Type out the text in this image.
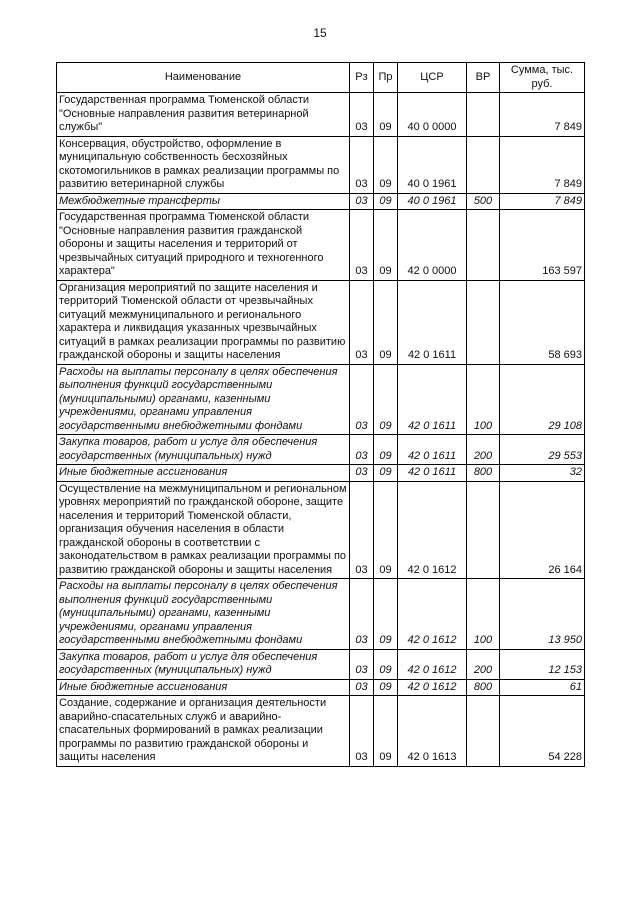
15
Наименование	Рз	Пр	ЦСР	ВР	Сумма, тыс. руб.
Государственная программа Тюменской области "Основные направления развития ветеринарной службы"	03	09	40 0 0000		7 849
Консервация, обустройство, оформление в муниципальную собственность бесхозяйных скотомогильников в рамках реализации программы по развитию ветеринарной службы	03	09	40 0 1961		7 849
Межбюджетные трансферты	03	09	40 0 1961	500	7 849
Государственная программа Тюменской области "Основные направления развития гражданской обороны и защиты населения и территорий от чрезвычайных ситуаций природного и техногенного характера"	03	09	42 0 0000		163 597
Организация мероприятий по защите населения и территорий Тюменской области от чрезвычайных ситуаций межмуниципального и регионального характера и ликвидация указанных чрезвычайных ситуаций в рамках реализации программы по развитию гражданской обороны и защиты населения	03	09	42 0 1611		58 693
Расходы на выплаты персоналу в целях обеспечения выполнения функций государственными (муниципальными) органами, казенными учреждениями, органами управления государственными внебюджетными фондами	03	09	42 0 1611	100	29 108
Закупка товаров, работ и услуг для обеспечения государственных (муниципальных) нужд	03	09	42 0 1611	200	29 553
Иные бюджетные ассигнования	03	09	42 0 1611	800	32
Осуществление на межмуниципальном и региональном уровнях мероприятий по гражданской обороне, защите населения и территорий Тюменской области, организация обучения населения в области гражданской обороны в соответствии с законодательством в рамках реализации программы по развитию гражданской обороны и защиты населения	03	09	42 0 1612		26 164
Расходы на выплаты персоналу в целях обеспечения выполнения функций государственными (муниципальными) органами, казенными учреждениями, органами управления государственными внебюджетными фондами	03	09	42 0 1612	100	13 950
Закупка товаров, работ и услуг для обеспечения государственных (муниципальных) нужд	03	09	42 0 1612	200	12 153
Иные бюджетные ассигнования	03	09	42 0 1612	800	61
Создание, содержание и организация деятельности аварийно-спасательных служб и аварийно-спасательных формирований в рамках реализации программы по развитию гражданской обороны и защиты населения	03	09	42 0 1613		54 228
